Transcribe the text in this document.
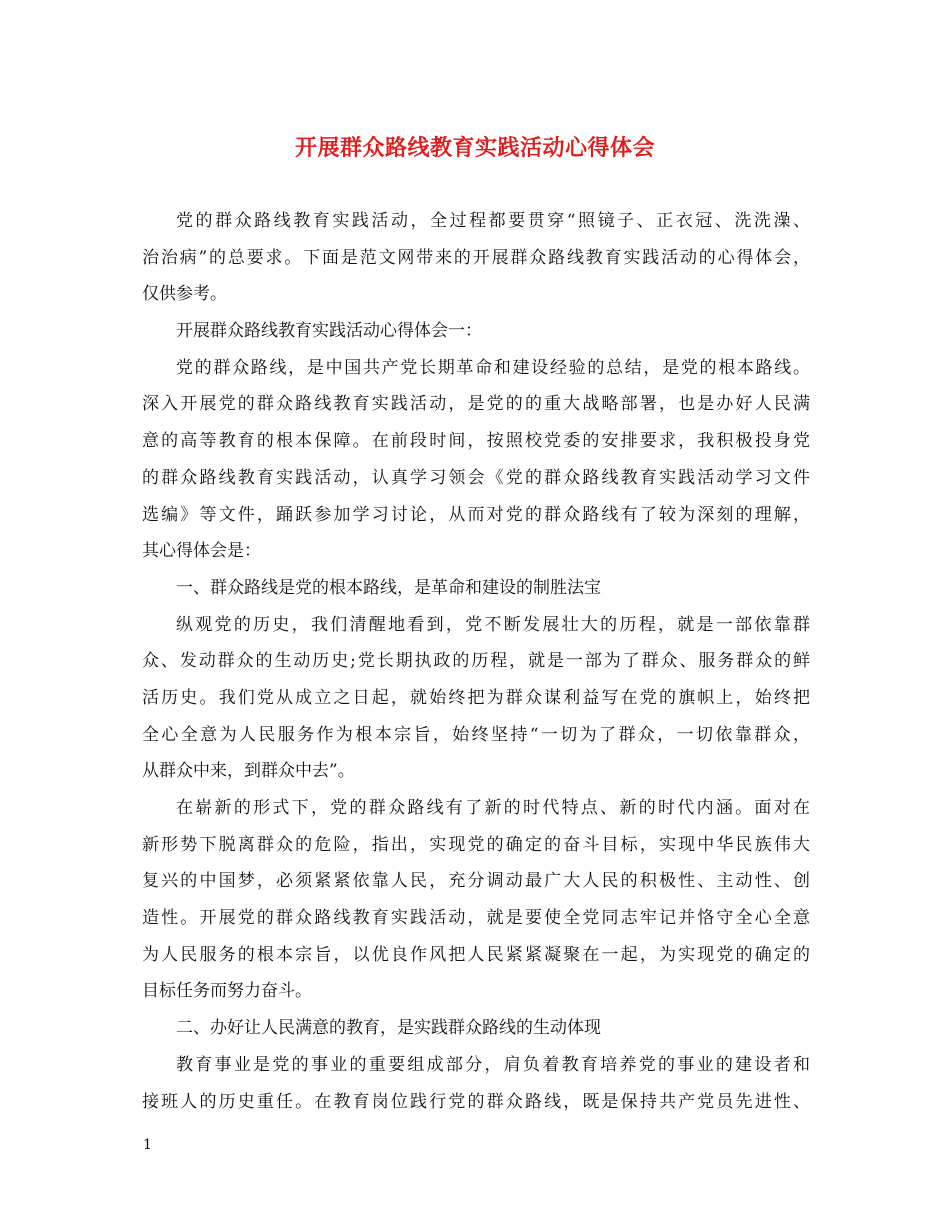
开展群众路线教育实践活动心得体会
党的群众路线教育实践活动，全过程都要贯穿“照镜子、正衣冠、洗洗澡、
治治病”的总要求。下面是范文网带来的开展群众路线教育实践活动的心得体会，
仅供参考。
开展群众路线教育实践活动心得体会一：
党的群众路线，是中国共产党长期革命和建设经验的总结，是党的根本路线。
深入开展党的群众路线教育实践活动，是党的的重大战略部署，也是办好人民满
意的高等教育的根本保障。在前段时间，按照校党委的安排要求，我积极投身党
的群众路线教育实践活动，认真学习领会《党的群众路线教育实践活动学习文件
选编》等文件，踊跃参加学习讨论，从而对党的群众路线有了较为深刻的理解，
其心得体会是：
一、群众路线是党的根本路线，是革命和建设的制胜法宝
纵观党的历史，我们清醒地看到，党不断发展壮大的历程，就是一部依靠群
众、发动群众的生动历史;党长期执政的历程，就是一部为了群众、服务群众的鲜
活历史。我们党从成立之日起，就始终把为群众谋利益写在党的旗帜上，始终把
全心全意为人民服务作为根本宗旨，始终坚持“一切为了群众，一切依靠群众，
从群众中来，到群众中去”。
在崭新的形式下，党的群众路线有了新的时代特点、新的时代内涵。面对在
新形势下脱离群众的危险，指出，实现党的确定的奋斗目标，实现中华民族伟大
复兴的中国梦，必须紧紧依靠人民，充分调动最广大人民的积极性、主动性、创
造性。开展党的群众路线教育实践活动，就是要使全党同志牢记并恪守全心全意
为人民服务的根本宗旨，以优良作风把人民紧紧凝聚在一起，为实现党的确定的
目标任务而努力奋斗。
二、办好让人民满意的教育，是实践群众路线的生动体现
教育事业是党的事业的重要组成部分，肩负着教育培养党的事业的建设者和
接班人的历史重任。在教育岗位践行党的群众路线，既是保持共产党员先进性、
1
